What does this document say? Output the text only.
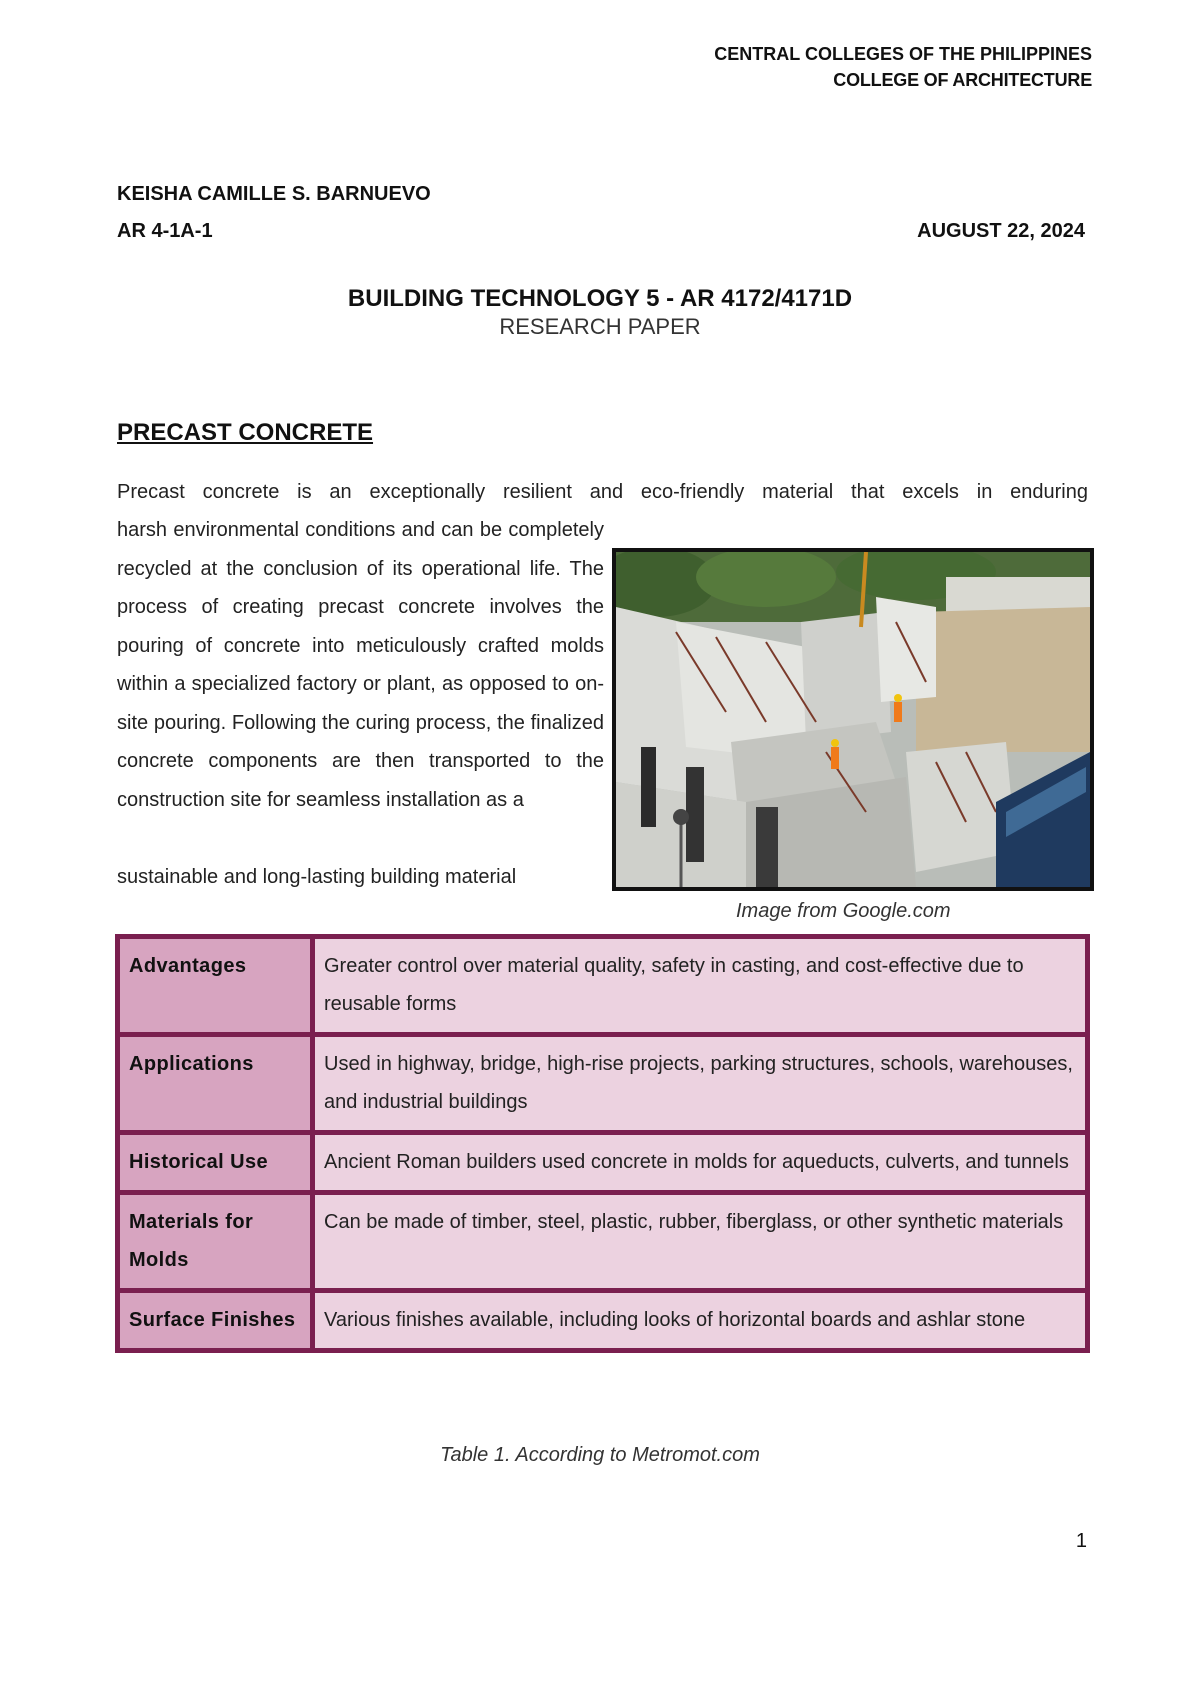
CENTRAL COLLEGES OF THE PHILIPPINES
COLLEGE OF ARCHITECTURE
KEISHA CAMILLE S. BARNUEVO
AR 4-1A-1	AUGUST 22, 2024
BUILDING TECHNOLOGY 5 - AR 4172/4171D
RESEARCH PAPER
PRECAST CONCRETE
Precast concrete is an exceptionally resilient and eco-friendly material that excels in enduring
harsh environmental conditions and can be completely recycled at the conclusion of its operational life. The process of creating precast concrete involves the pouring of concrete into meticulously crafted molds within a specialized factory or plant, as opposed to on-site pouring. Following the curing process, the finalized concrete components are then transported to the construction site for seamless installation as a
sustainable and long-lasting building material
Image from Google.com
Advantages	Greater control over material quality, safety in casting, and cost-effective due to reusable forms
Applications	Used in highway, bridge, high-rise projects, parking structures, schools, warehouses, and industrial buildings
Historical Use	Ancient Roman builders used concrete in molds for aqueducts, culverts, and tunnels
Materials for Molds	Can be made of timber, steel, plastic, rubber, fiberglass, or other synthetic materials
Surface Finishes	Various finishes available, including looks of horizontal boards and ashlar stone
Table 1. According to Metromot.com
1
